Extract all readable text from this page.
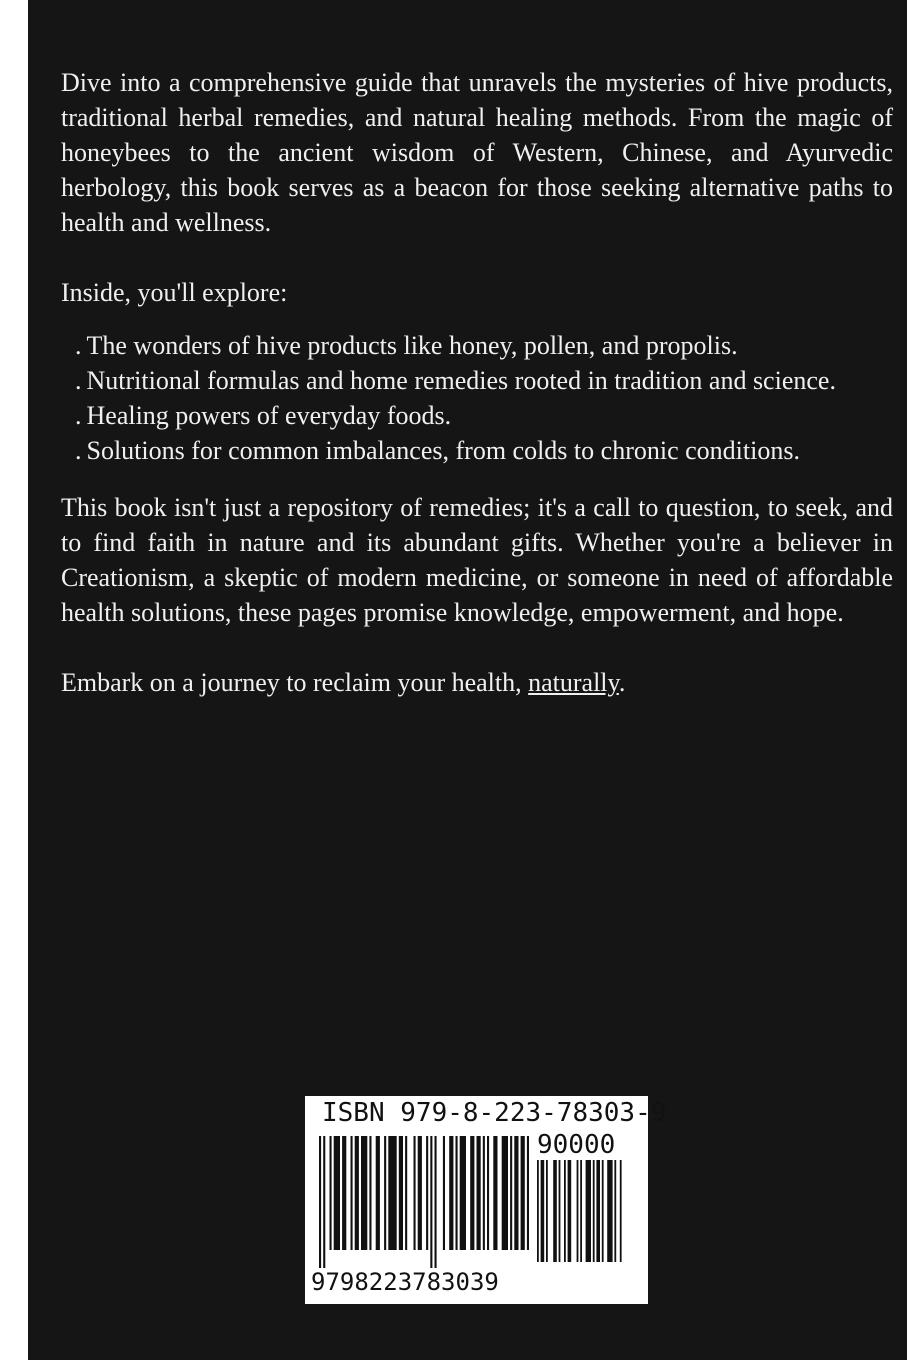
Dive into a comprehensive guide that unravels the mysteries of hive products, traditional herbal remedies, and natural healing methods. From the magic of honeybees to the ancient wisdom of Western, Chinese, and Ayurvedic herbology, this book serves as a beacon for those seeking alternative paths to health and wellness.

Inside, you'll explore:

. The wonders of hive products like honey, pollen, and propolis.
. Nutritional formulas and home remedies rooted in tradition and science.
. Healing powers of everyday foods.
. Solutions for common imbalances, from colds to chronic conditions.

This book isn't just a repository of remedies; it's a call to question, to seek, and to find faith in nature and its abundant gifts. Whether you're a believer in Creationism, a skeptic of modern medicine, or someone in need of affordable health solutions, these pages promise knowledge, empowerment, and hope.

Embark on a journey to reclaim your health, naturally.

ISBN 979-8-223-78303-9
90000
9798223783039
